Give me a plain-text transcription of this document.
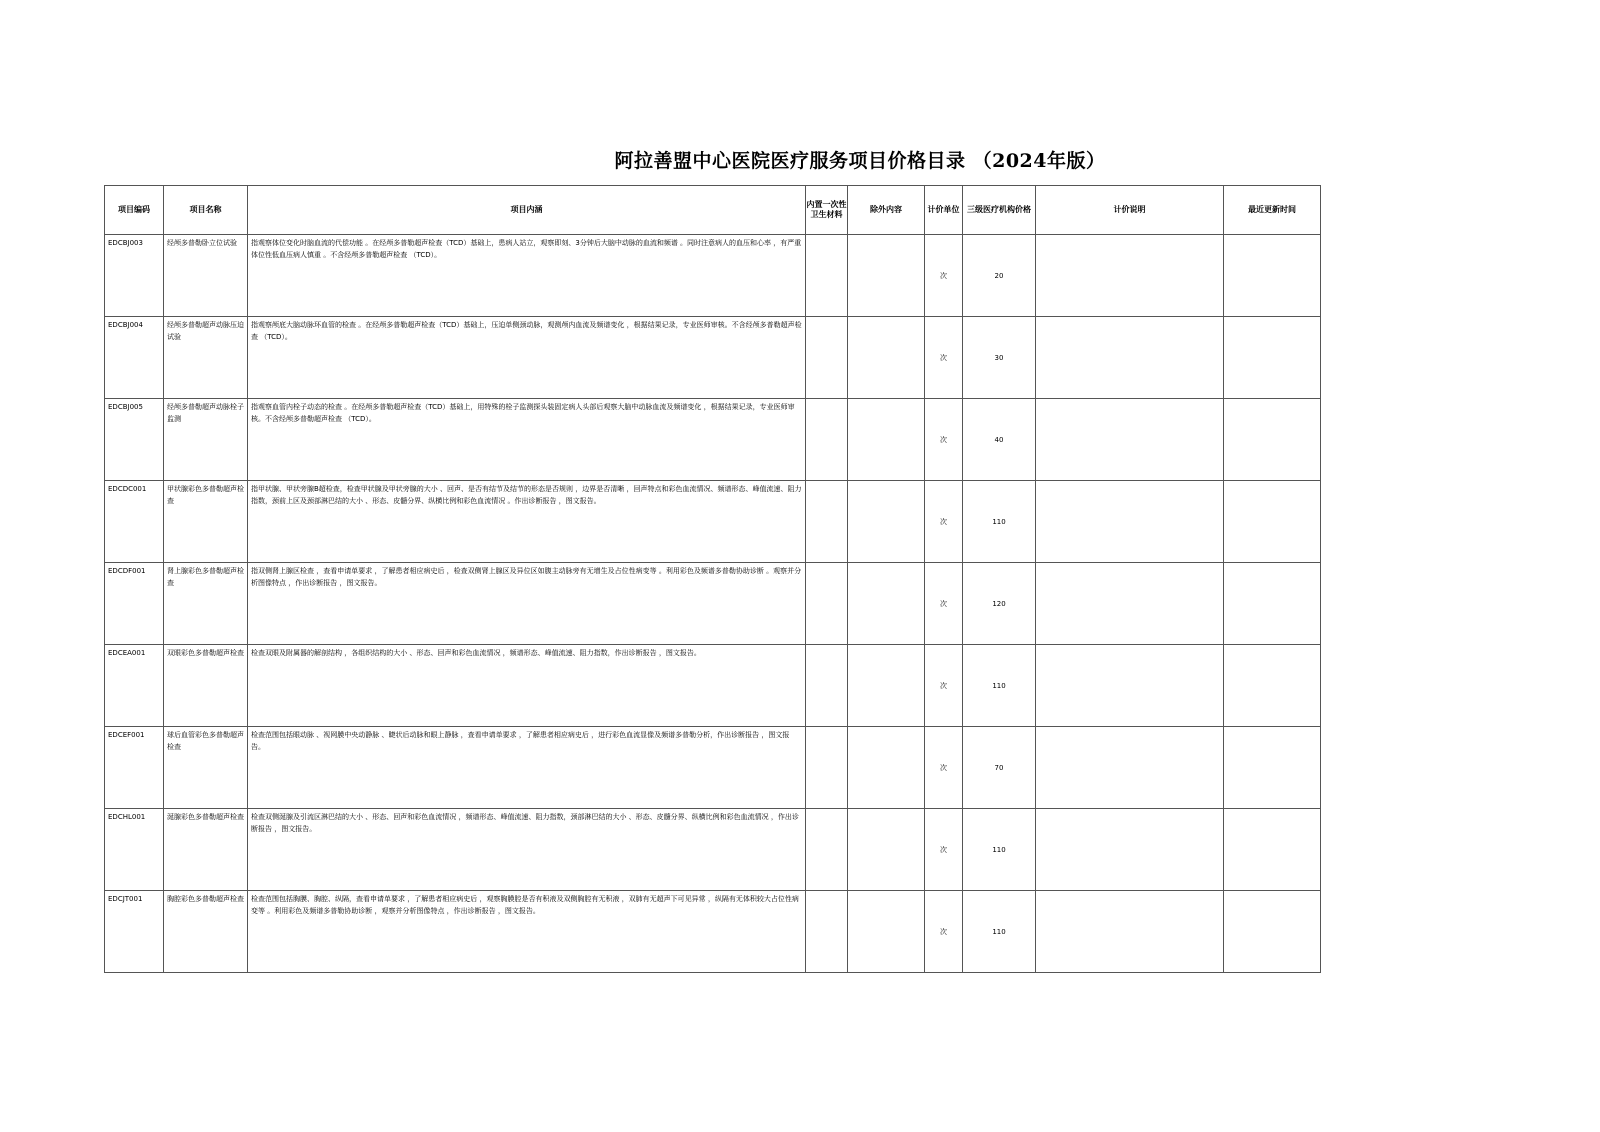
阿拉善盟中心医院医疗服务项目价格目录 （2024年版）
项目编码	项目名称	项目内涵	内置一次性卫生材料	除外内容	计价单位	三级医疗机构价格	计价说明	最近更新时间
EDCBJ003	经颅多普勒卧立位试验	指观察体位变化时脑血流的代偿功能 。在经颅多普勒超声检查（TCD）基础上，患病人站立，观察即刻、3分钟后大脑中动脉的血流和频谱 。同时注意病人的血压和心率 ，有严重体位性低血压病人慎重 。不含经颅多普勒超声检查 （TCD）。			次	20		
EDCBJ004	经颅多普勒超声动脉压迫试验	指观察颅底大脑动脉环血管的检查 。在经颅多普勒超声检查（TCD）基础上，压迫单侧颈动脉，观测颅内血流及频谱变化 ，根据结果记录，专业医师审核。不含经颅多普勒超声检查 （TCD）。			次	30		
EDCBJ005	经颅多普勒超声动脉栓子监测	指观察血管内栓子动态的检查 。在经颅多普勒超声检查（TCD）基础上，用特殊的栓子监测探头装固定病人头部后观察大脑中动脉血流及频谱变化 ，根据结果记录，专业医师审核。不含经颅多普勒超声检查 （TCD）。			次	40		
EDCDC001	甲状腺彩色多普勒超声检查	指甲状腺、甲状旁腺B超检查，检查甲状腺及甲状旁腺的大小 、回声、是否有结节及结节的形态是否规则 ，边界是否清晰 ，回声特点和彩色血流情况、频谱形态、峰值流速、阻力指数，颈前上区及颈部淋巴结的大小 、形态、皮髓分界、纵横比例和彩色血流情况 。作出诊断报告 ，图文报告。			次	110		
EDCDF001	肾上腺彩色多普勒超声检查	指双侧肾上腺区检查 ，查看申请单要求 ，了解患者相应病史后 ，检查双侧肾上腺区及异位区如腹主动脉旁有无增生及占位性病变等 。利用彩色及频谱多普勒协助诊断 。观察并分析图像特点 ，作出诊断报告 ，图文报告。			次	120		
EDCEA001	双眼彩色多普勒超声检查	检查双眼及附属器的解剖结构 ，各组织结构的大小 、形态、回声和彩色血流情况 ，频谱形态、峰值流速、阻力指数，作出诊断报告 ，图文报告。			次	110		
EDCEF001	球后血管彩色多普勒超声检查	检查范围包括眼动脉 、视网膜中央动静脉 、睫状后动脉和眼上静脉 ，查看申请单要求 ，了解患者相应病史后 ，进行彩色血流显像及频谱多普勒分析，作出诊断报告 ，图文报告。			次	70		
EDCHL001	涎腺彩色多普勒超声检查	检查双侧涎腺及引流区淋巴结的大小 、形态、回声和彩色血流情况 ，频谱形态、峰值流速、阻力指数，颈部淋巴结的大小 、形态、皮髓分界、纵横比例和彩色血流情况 ，作出诊断报告 ，图文报告。			次	110		
EDCJT001	胸腔彩色多普勒超声检查	检查范围包括胸膜、胸腔、纵隔，查看申请单要求 ，了解患者相应病史后 ，观察胸膜腔是否有积液及双侧胸腔有无积液 ，双肺有无超声下可见异常 ，纵隔有无体积较大占位性病变等 。利用彩色及频谱多普勒协助诊断 ，观察并分析图像特点 ，作出诊断报告 ，图文报告。			次	110		
